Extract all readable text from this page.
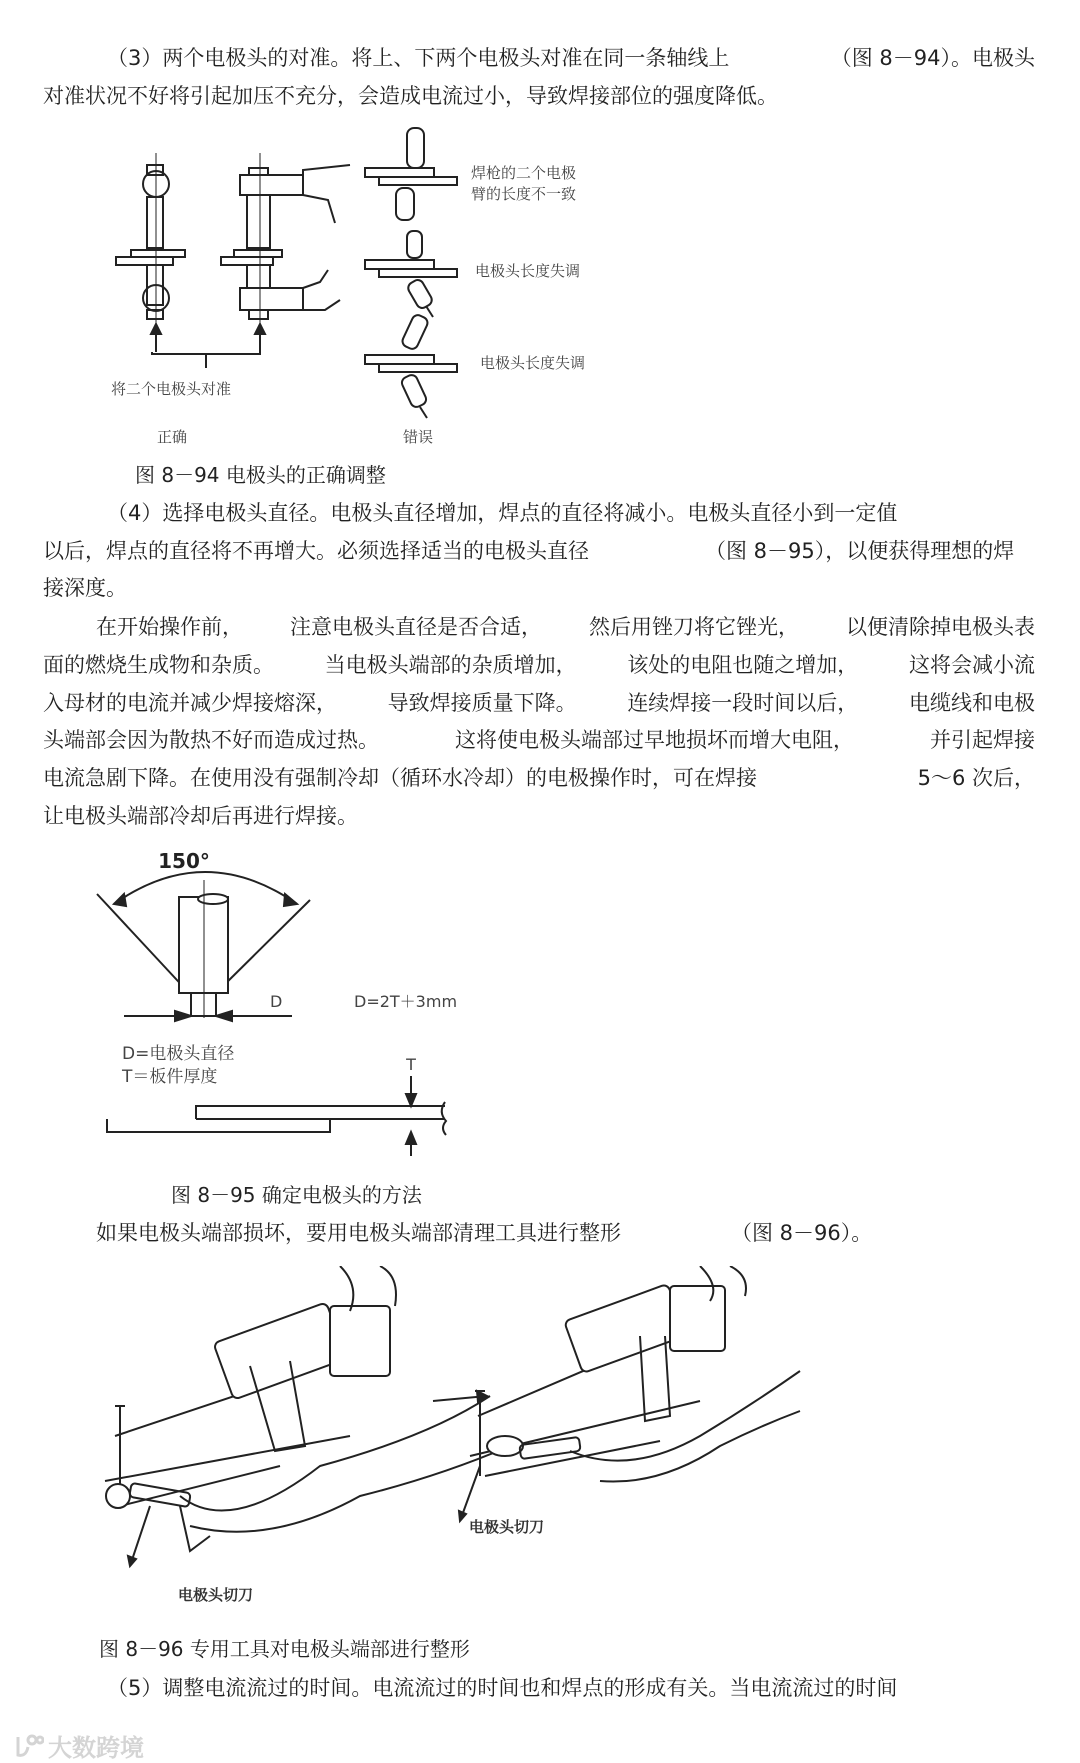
（3）两个电极头的对准。将上、下两个电极头对准在同一条轴线上	（图 8－94）。电极头
对准状况不好将引起加压不充分，会造成电流过小，导致焊接部位的强度降低。
将二个电极头对准
正确
焊枪的二个电极
臂的长度不一致
电极头长度失调
电极头长度失调
错误
图 8－94 电极头的正确调整
（4）选择电极头直径。电极头直径增加，焊点的直径将减小。电极头直径小到一定值
以后，焊点的直径将不再增大。必须选择适当的电极头直径	（图 8－95），以便获得理想的焊
接深度。
在开始操作前， 注意电极头直径是否合适， 然后用锉刀将它锉光， 以便清除掉电极头表
面的燃烧生成物和杂质。 当电极头端部的杂质增加， 该处的电阻也随之增加， 这将会减小流
入母材的电流并减少焊接熔深， 导致焊接质量下降。 连续焊接一段时间以后， 电缆线和电极
头端部会因为散热不好而造成过热。	这将使电极头端部过早地损坏而增大电阻，	并引起焊接
电流急剧下降。在使用没有强制冷却（循环水冷却）的电极操作时，可在焊接	5～6 次后，
让电极头端部冷却后再进行焊接。
150°
D	D=2T＋3mm
D=电极头直径
T＝板件厚度
T
图 8－95 确定电极头的方法
如果电极头端部损坏，要用电极头端部清理工具进行整形	（图 8－96）。
电极头切刀
电极头切刀
图 8－96 专用工具对电极头端部进行整形
（5）调整电流流过的时间。电流流过的时间也和焊点的形成有关。当电流流过的时间
大数跨境
